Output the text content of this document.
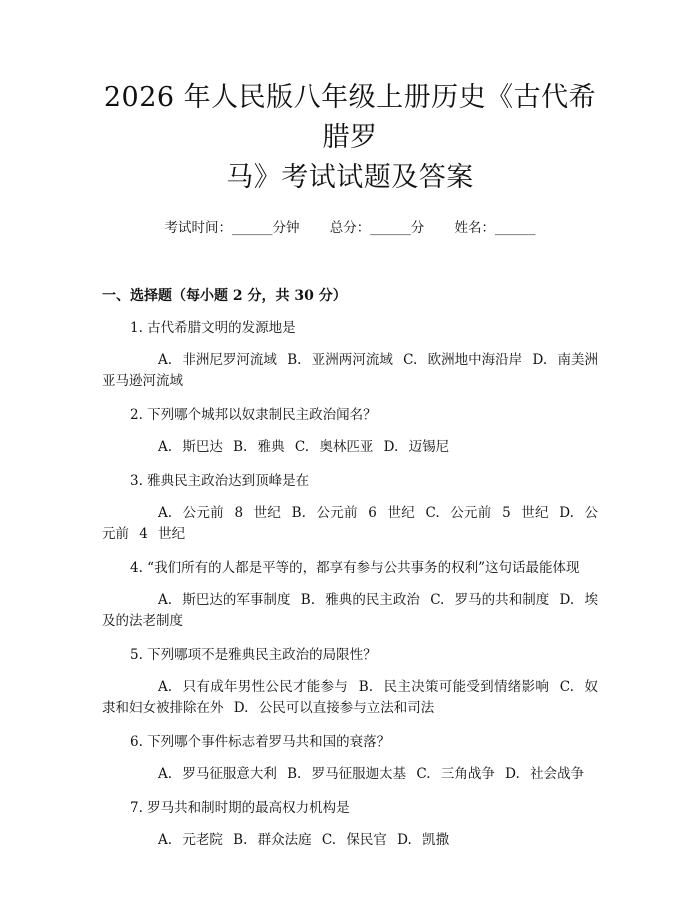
2026 年人民版八年级上册历史《古代希腊罗
马》考试试题及答案
考试时间：______分钟 总分：______分 姓名：______
一、选择题（每小题 2 分，共 30 分）
1. 古代希腊文明的发源地是
A. 非洲尼罗河流域 B. 亚洲两河流域 C. 欧洲地中海沿岸 D. 南美洲亚马逊河流域
2. 下列哪个城邦以奴隶制民主政治闻名？
A. 斯巴达 B. 雅典 C. 奥林匹亚 D. 迈锡尼
3. 雅典民主政治达到顶峰是在
A. 公元前 8 世纪 B. 公元前 6 世纪 C. 公元前 5 世纪 D. 公元前 4 世纪
4. “我们所有的人都是平等的，都享有参与公共事务的权利”这句话最能体现
A. 斯巴达的军事制度 B. 雅典的民主政治 C. 罗马的共和制度 D. 埃及的法老制度
5. 下列哪项不是雅典民主政治的局限性？
A. 只有成年男性公民才能参与 B. 民主决策可能受到情绪影响 C. 奴隶和妇女被排除在外 D. 公民可以直接参与立法和司法
6. 下列哪个事件标志着罗马共和国的衰落？
A. 罗马征服意大利 B. 罗马征服迦太基 C. 三角战争 D. 社会战争
7. 罗马共和制时期的最高权力机构是
A. 元老院 B. 群众法庭 C. 保民官 D. 凯撒
